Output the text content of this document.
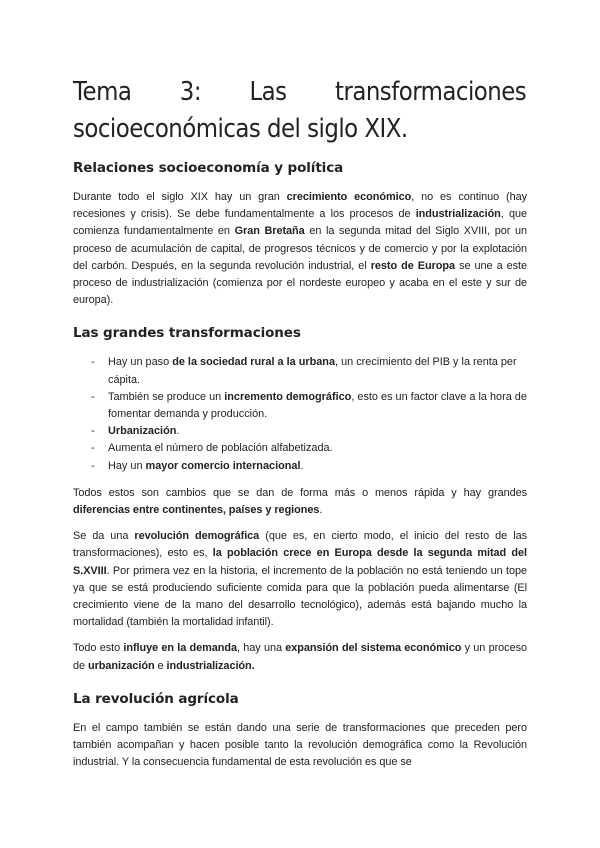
Tema 3: Las transformaciones
socioeconómicas del siglo XIX.
Relaciones socioeconomía y política

Durante todo el siglo XIX hay un gran crecimiento económico, no es continuo (hay recesiones y crisis). Se debe fundamentalmente a los procesos de industrialización, que comienza fundamentalmente en Gran Bretaña en la segunda mitad del Siglo XVIII, por un proceso de acumulación de capital, de progresos técnicos y de comercio y por la explotación del carbón. Después, en la segunda revolución industrial, el resto de Europa se une a este proceso de industrialización (comienza por el nordeste europeo y acaba en el este y sur de europa).

Las grandes transformaciones
- Hay un paso de la sociedad rural a la urbana, un crecimiento del PIB y la renta per cápita.
- También se produce un incremento demográfico, esto es un factor clave a la hora de fomentar demanda y producción.
- Urbanización.
- Aumenta el número de población alfabetizada.
- Hay un mayor comercio internacional.

Todos estos son cambios que se dan de forma más o menos rápida y hay grandes diferencias entre continentes, países y regiones.

Se da una revolución demográfica (que es, en cierto modo, el inicio del resto de las transformaciones), esto es, la población crece en Europa desde la segunda mitad del S.XVIII. Por primera vez en la historia, el incremento de la población no está teniendo un tope ya que se está produciendo suficiente comida para que la población pueda alimentarse (El crecimiento viene de la mano del desarrollo tecnológico), además está bajando mucho la mortalidad (también la mortalidad infantil).

Todo esto influye en la demanda, hay una expansión del sistema económico y un proceso de urbanización e industrialización.

La revolución agrícola

En el campo también se están dando una serie de transformaciones que preceden pero también acompañan y hacen posible tanto la revolución demográfica como la Revolución industrial. Y la consecuencia fundamental de esta revolución es que se
